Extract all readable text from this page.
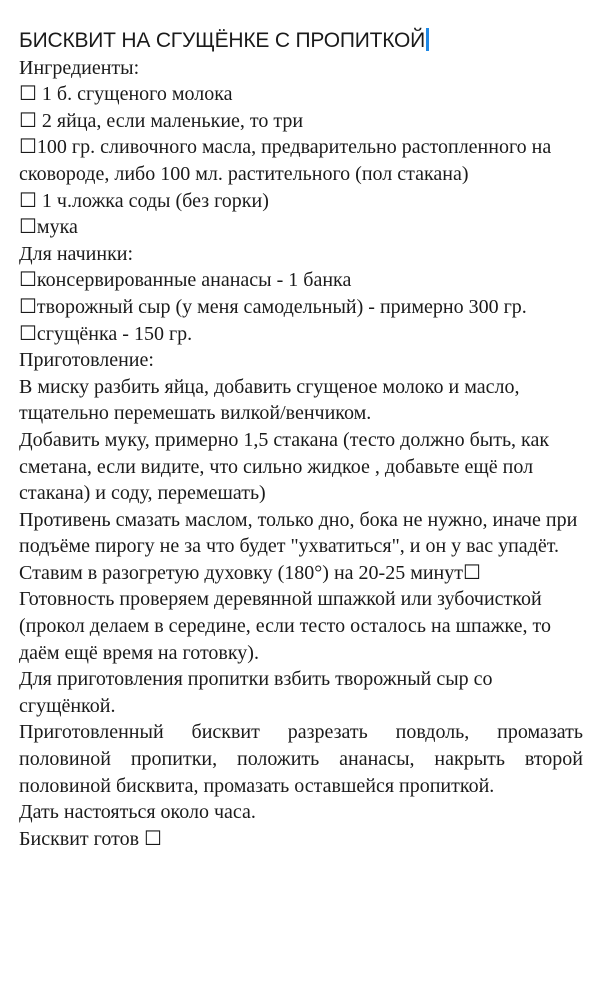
БИСКВИТ НА СГУЩЁНКЕ С ПРОПИТКОЙ

Ингредиенты:

☐ 1 б. сгущеного молока

☐ 2 яйца, если маленькие, то три

☐100 гр. сливочного масла, предварительно растопленного на сковороде, либо 100 мл. растительного (пол стакана)

☐ 1 ч.ложка соды (без горки)

☐мука

Для начинки:

☐консервированные ананасы - 1 банка

☐творожный сыр (у меня самодельный) - примерно 300 гр.

☐сгущёнка - 150 гр.

Приготовление:

В миску разбить яйца, добавить сгущеное молоко и масло, тщательно перемешать вилкой/венчиком.

Добавить муку, примерно 1,5 стакана (тесто должно быть, как сметана, если видите, что сильно жидкое , добавьте ещё пол стакана) и соду, перемешать)

Противень смазать маслом, только дно, бока не нужно, иначе при подъёме пирогу не за что будет "ухватиться", и он у вас упадёт.

Ставим в разогретую духовку (180°) на 20-25 минут☐

Готовность проверяем деревянной шпажкой или зубочисткой (прокол делаем в середине, если тесто осталось на шпажке, то даём ещё время на готовку).

Для приготовления пропитки взбить творожный сыр со сгущёнкой.

Приготовленный бисквит разрезать повдоль, промазать половиной пропитки, положить ананасы, накрыть второй половиной бисквита, промазать оставшейся пропиткой.

Дать настояться около часа.

Бисквит готов ☐
